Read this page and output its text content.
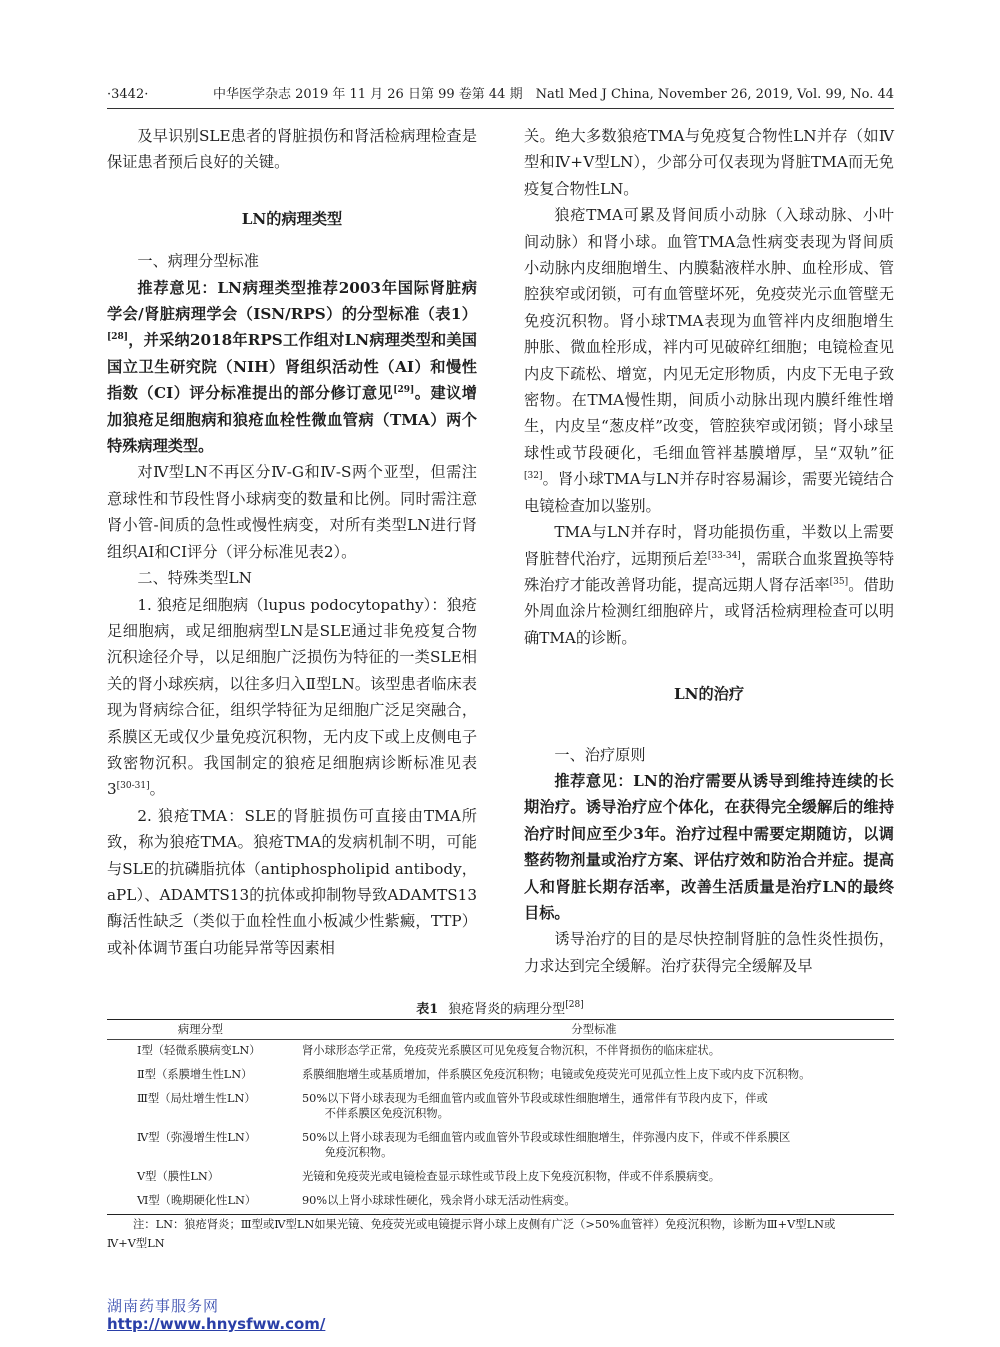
·3442·	中华医学杂志 2019 年 11 月 26 日第 99 卷第 44 期　Natl Med J China, November 26, 2019, Vol. 99, No. 44

及早识别SLE患者的肾脏损伤和肾活检病理检查是保证患者预后良好的关键。

LN的病理类型

一、病理分型标准

推荐意见：LN病理类型推荐2003年国际肾脏病学会/肾脏病理学会（ISN/RPS）的分型标准（表1）[28]，并采纳2018年RPS工作组对LN病理类型和美国国立卫生研究院（NIH）肾组织活动性（AI）和慢性指数（CI）评分标准提出的部分修订意见[29]。建议增加狼疮足细胞病和狼疮血栓性微血管病（TMA）两个特殊病理类型。

对Ⅳ型LN不再区分Ⅳ-G和Ⅳ-S两个亚型，但需注意球性和节段性肾小球病变的数量和比例。同时需注意肾小管-间质的急性或慢性病变，对所有类型LN进行肾组织AI和CI评分（评分标准见表2）。

二、特殊类型LN

1. 狼疮足细胞病（lupus podocytopathy）：狼疮足细胞病，或足细胞病型LN是SLE通过非免疫复合物沉积途径介导，以足细胞广泛损伤为特征的一类SLE相关的肾小球疾病，以往多归入Ⅱ型LN。该型患者临床表现为肾病综合征，组织学特征为足细胞广泛足突融合，系膜区无或仅少量免疫沉积物，无内皮下或上皮侧电子致密物沉积。我国制定的狼疮足细胞病诊断标准见表3[30-31]。

2. 狼疮TMA：SLE的肾脏损伤可直接由TMA所致，称为狼疮TMA。狼疮TMA的发病机制不明，可能与SLE的抗磷脂抗体（antiphospholipid antibody，aPL）、ADAMTS13的抗体或抑制物导致ADAMTS13酶活性缺乏（类似于血栓性血小板减少性紫癜，TTP）或补体调节蛋白功能异常等因素相

关。绝大多数狼疮TMA与免疫复合物性LN并存（如Ⅳ型和Ⅳ+Ⅴ型LN），少部分可仅表现为肾脏TMA而无免疫复合物性LN。

狼疮TMA可累及肾间质小动脉（入球动脉、小叶间动脉）和肾小球。血管TMA急性病变表现为肾间质小动脉内皮细胞增生、内膜黏液样水肿、血栓形成、管腔狭窄或闭锁，可有血管壁坏死，免疫荧光示血管壁无免疫沉积物。肾小球TMA表现为血管袢内皮细胞增生肿胀、微血栓形成，袢内可见破碎红细胞；电镜检查见内皮下疏松、增宽，内见无定形物质，内皮下无电子致密物。在TMA慢性期，间质小动脉出现内膜纤维性增生，内皮呈“葱皮样”改变，管腔狭窄或闭锁；肾小球呈球性或节段硬化，毛细血管袢基膜增厚，呈“双轨”征[32]。肾小球TMA与LN并存时容易漏诊，需要光镜结合电镜检查加以鉴别。

TMA与LN并存时，肾功能损伤重，半数以上需要肾脏替代治疗，远期预后差[33-34]，需联合血浆置换等特殊治疗才能改善肾功能，提高远期人肾存活率[35]。借助外周血涂片检测红细胞碎片，或肾活检病理检查可以明确TMA的诊断。

LN的治疗

一、治疗原则

推荐意见：LN的治疗需要从诱导到维持连续的长期治疗。诱导治疗应个体化，在获得完全缓解后的维持治疗时间应至少3年。治疗过程中需要定期随访，以调整药物剂量或治疗方案、评估疗效和防治合并症。提高人和肾脏长期存活率，改善生活质量是治疗LN的最终目标。

诱导治疗的目的是尽快控制肾脏的急性炎性损伤，力求达到完全缓解。治疗获得完全缓解及早

表1 狼疮肾炎的病理分型[28]
病理分型	分型标准
Ⅰ型（轻微系膜病变LN）	肾小球形态学正常，免疫荧光系膜区可见免疫复合物沉积，不伴肾损伤的临床症状。
Ⅱ型（系膜增生性LN）	系膜细胞增生或基质增加，伴系膜区免疫沉积物；电镜或免疫荧光可见孤立性上皮下或内皮下沉积物。
Ⅲ型（局灶增生性LN）	50%以下肾小球表现为毛细血管内或血管外节段或球性细胞增生，通常伴有节段内皮下，伴或
不伴系膜区免疫沉积物。
Ⅳ型（弥漫增生性LN）	50%以上肾小球表现为毛细血管内或血管外节段或球性细胞增生，伴弥漫内皮下，伴或不伴系膜区
免疫沉积物。
Ⅴ型（膜性LN）	光镜和免疫荧光或电镜检查显示球性或节段上皮下免疫沉积物，伴或不伴系膜病变。
Ⅵ型（晚期硬化性LN）	90%以上肾小球球性硬化，残余肾小球无活动性病变。
注：LN：狼疮肾炎；Ⅲ型或Ⅳ型LN如果光镜、免疫荧光或电镜提示肾小球上皮侧有广泛（>50%血管袢）免疫沉积物，诊断为Ⅲ+Ⅴ型LN或
Ⅳ+Ⅴ型LN
湖南药事服务网
http://www.hnysfww.com/
